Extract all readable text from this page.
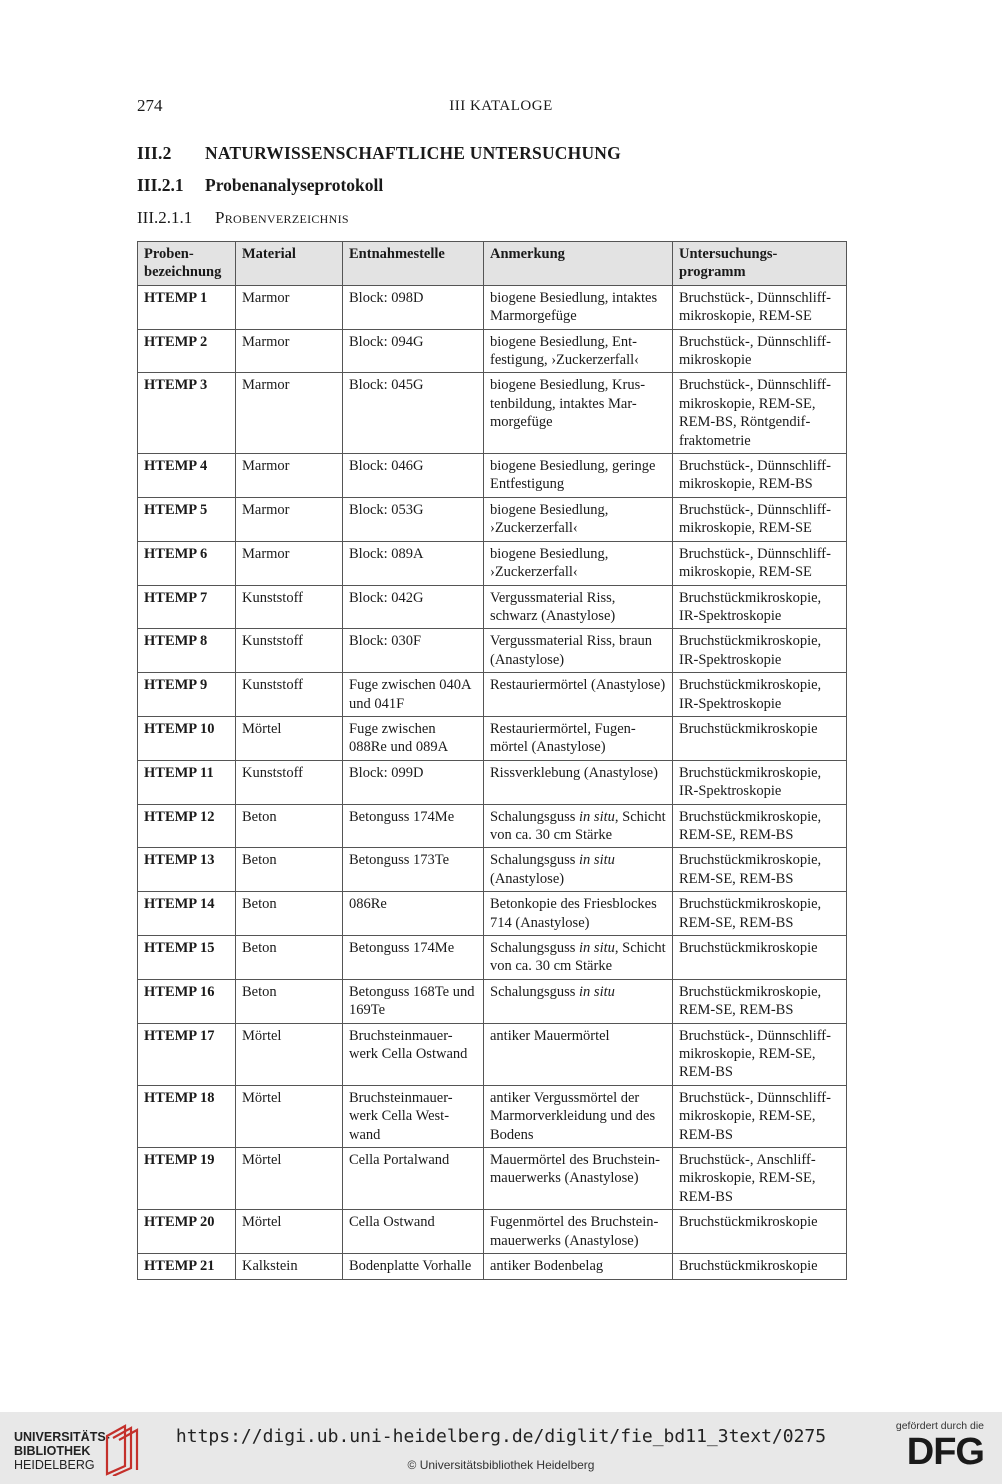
274	III KATALOGE
III.2 NATURWISSENSCHAFTLICHE UNTERSUCHUNG
III.2.1 Probenanalyseprotokoll
III.2.1.1 Probenverzeichnis
Proben-
bezeichnung	Material	Entnahmestelle	Anmerkung	Untersuchungs-
programm
HTEMP 1	Marmor	Block: 098D	biogene Besiedlung, intaktes Marmorgefüge	Bruchstück-, Dünnschliff-mikroskopie, REM-SE
HTEMP 2	Marmor	Block: 094G	biogene Besiedlung, Ent-festigung, ›Zuckerzerfall‹	Bruchstück-, Dünnschliff-mikroskopie
HTEMP 3	Marmor	Block: 045G	biogene Besiedlung, Krus-tenbildung, intaktes Mar-morgefüge	Bruchstück-, Dünnschliff-mikroskopie, REM-SE, REM-BS, Röntgendif-fraktometrie
HTEMP 4	Marmor	Block: 046G	biogene Besiedlung, geringe Entfestigung	Bruchstück-, Dünnschliff-mikroskopie, REM-BS
HTEMP 5	Marmor	Block: 053G	biogene Besiedlung, ›Zuckerzerfall‹	Bruchstück-, Dünnschliff-mikroskopie, REM-SE
HTEMP 6	Marmor	Block: 089A	biogene Besiedlung, ›Zuckerzerfall‹	Bruchstück-, Dünnschliff-mikroskopie, REM-SE
HTEMP 7	Kunststoff	Block: 042G	Vergussmaterial Riss, schwarz (Anastylose)	Bruchstückmikroskopie, IR-Spektroskopie
HTEMP 8	Kunststoff	Block: 030F	Vergussmaterial Riss, braun (Anastylose)	Bruchstückmikroskopie, IR-Spektroskopie
HTEMP 9	Kunststoff	Fuge zwischen 040A und 041F	Restauriermörtel (Anastylose)	Bruchstückmikroskopie, IR-Spektroskopie
HTEMP 10	Mörtel	Fuge zwischen 088Re und 089A	Restauriermörtel, Fugen-mörtel (Anastylose)	Bruchstückmikroskopie
HTEMP 11	Kunststoff	Block: 099D	Rissverklebung (Anastylose)	Bruchstückmikroskopie, IR-Spektroskopie
HTEMP 12	Beton	Betonguss 174Me	Schalungsguss in situ, Schicht von ca. 30 cm Stärke	Bruchstückmikroskopie, REM-SE, REM-BS
HTEMP 13	Beton	Betonguss 173Te	Schalungsguss in situ (Anastylose)	Bruchstückmikroskopie, REM-SE, REM-BS
HTEMP 14	Beton	086Re	Betonkopie des Friesblockes 714 (Anastylose)	Bruchstückmikroskopie, REM-SE, REM-BS
HTEMP 15	Beton	Betonguss 174Me	Schalungsguss in situ, Schicht von ca. 30 cm Stärke	Bruchstückmikroskopie
HTEMP 16	Beton	Betonguss 168Te und 169Te	Schalungsguss in situ	Bruchstückmikroskopie, REM-SE, REM-BS
HTEMP 17	Mörtel	Bruchsteinmauer-werk Cella Ostwand	antiker Mauermörtel	Bruchstück-, Dünnschliff-mikroskopie, REM-SE, REM-BS
HTEMP 18	Mörtel	Bruchsteinmauer-werk Cella West-wand	antiker Vergussmörtel der Marmorverkleidung und des Bodens	Bruchstück-, Dünnschliff-mikroskopie, REM-SE, REM-BS
HTEMP 19	Mörtel	Cella Portalwand	Mauermörtel des Bruchstein-mauerwerks (Anastylose)	Bruchstück-, Anschliff-mikroskopie, REM-SE, REM-BS
HTEMP 20	Mörtel	Cella Ostwand	Fugenmörtel des Bruchstein-mauerwerks (Anastylose)	Bruchstückmikroskopie
HTEMP 21	Kalkstein	Bodenplatte Vorhalle	antiker Bodenbelag	Bruchstückmikroskopie
UNIVERSITÄTS-
BIBLIOTHEK
HEIDELBERG
https://digi.ub.uni-heidelberg.de/diglit/fie_bd11_3text/0275
© Universitätsbibliothek Heidelberg
gefördert durch die
DFG
